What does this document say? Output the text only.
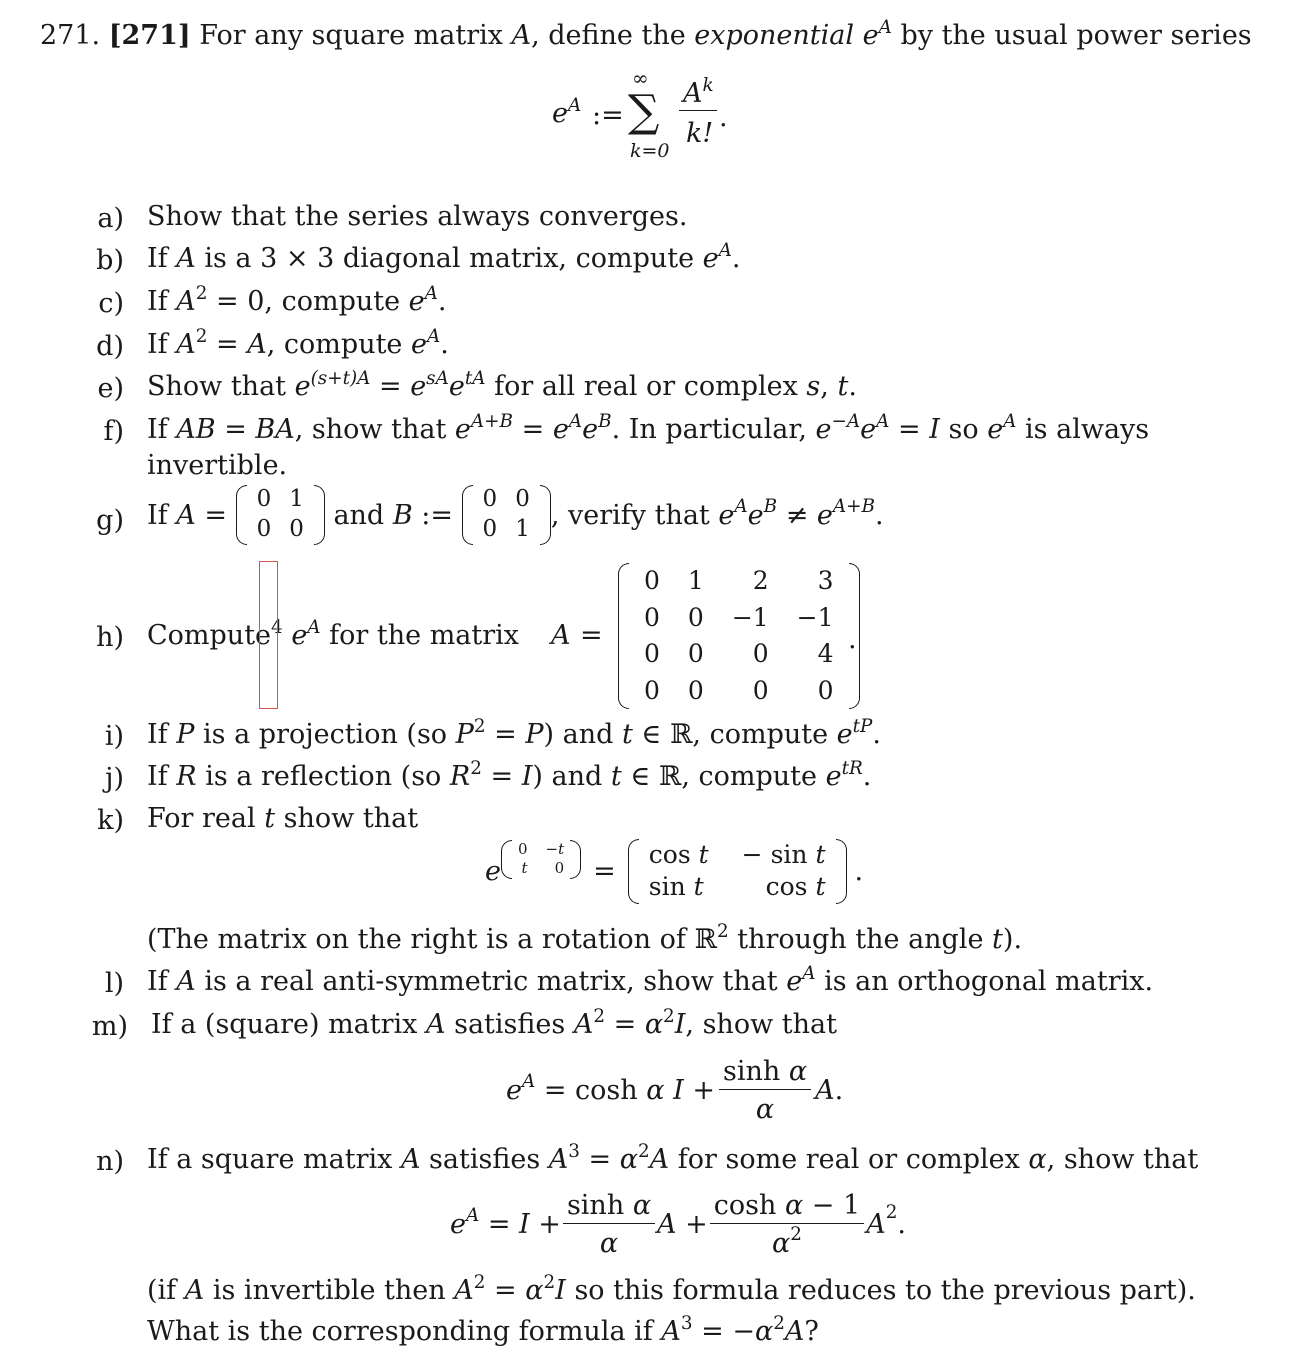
271. [271] For any square matrix A, define the exponential $e^A$ by the usual power series
$e^A$ :=
∞
∑
k=0
$A^k$
k!
.
a) Show that the series always converges.
b) If A is a 3 × 3 diagonal matrix, compute $e^A$.
c) If $A^2 = 0$, compute $e^A$.
d) If $A^2 = A$, compute $e^A$.
e) Show that $e^{(s+t)A} = e^{sA}e^{tA}$ for all real or complex s, t.
f) If AB = BA, show that $e^{A+B} = e^Ae^B$. In particular, $e^{-A}e^A = I$ so $e^A$ is always
invertible.
g) If
A =
0	1
0	0
and
B :=
0	0
0	1 , verify that
$e^Ae^B \ne e^{A+B}$ .
h) Compute$^4$ $e^A$ for the matrix A =
0	1	2	3
0	0	−1	−1
0	0	0	4
0	0	0	0
.
i) If P is a projection (so $P^2 = P$) and t ∈ ℝ, compute $e^{tP}$.
j) If R is a reflection (so $R^2 = I$) and t ∈ ℝ, compute $e^{tR}$.
k) For real t show that
e
0	−t
t	0 =
cos t	− sin t
sin t	cos t .
(The matrix on the right is a rotation of ℝ$^2$ through the angle t).
l) If A is a real anti-symmetric matrix, show that $e^A$ is an orthogonal matrix.
m) If a (square) matrix A satisfies $A^2 = \alpha^2I$, show that
$e^A = \cosh$
α $I + \frac{\text{sinh α}}{\alpha}$ A .
n) If a square matrix A satisfies $A^3 = \alpha^2A$ for some real or complex α, show that
$e^A = I + \frac{\text{sinh α}}{\alpha}$ $A + \frac{\text{cosh α − 1}}{\alpha^2} A^2$ .
(if A is invertible then $A^2 = \alpha^2I$ so this formula reduces to the previous part).
What is the corresponding formula if $A^3 = -\alpha^2A$?
